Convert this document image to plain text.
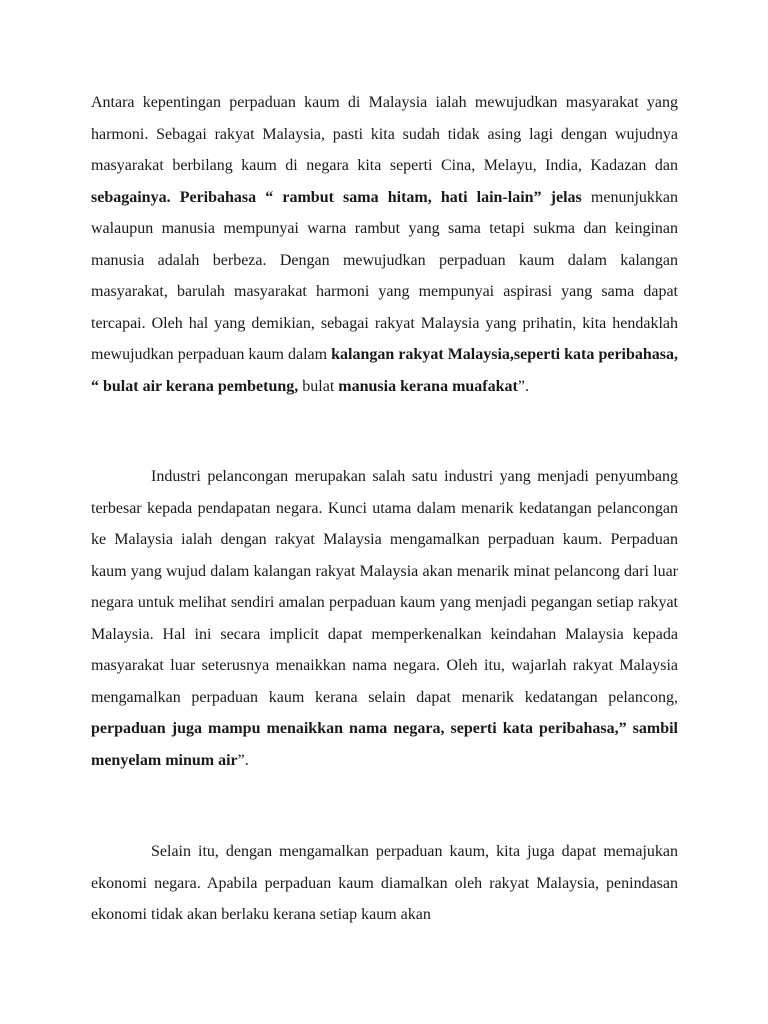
Antara kepentingan perpaduan kaum di Malaysia ialah mewujudkan masyarakat yang harmoni. Sebagai rakyat Malaysia, pasti kita sudah tidak asing lagi dengan wujudnya masyarakat berbilang kaum di negara kita seperti Cina, Melayu, India, Kadazan dan sebagainya. Peribahasa “ rambut sama hitam, hati lain-lain” jelas menunjukkan walaupun manusia mempunyai warna rambut yang sama tetapi sukma dan keinginan manusia adalah berbeza. Dengan mewujudkan perpaduan kaum dalam kalangan masyarakat, barulah masyarakat harmoni yang mempunyai aspirasi yang sama dapat tercapai. Oleh hal yang demikian, sebagai rakyat Malaysia yang prihatin, kita hendaklah mewujudkan perpaduan kaum dalam kalangan rakyat Malaysia,seperti kata peribahasa, “ bulat air kerana pembetung, bulat manusia kerana muafakat”.

Industri pelancongan merupakan salah satu industri yang menjadi penyumbang terbesar kepada pendapatan negara. Kunci utama dalam menarik kedatangan pelancongan ke Malaysia ialah dengan rakyat Malaysia mengamalkan perpaduan kaum. Perpaduan kaum yang wujud dalam kalangan rakyat Malaysia akan menarik minat pelancong dari luar negara untuk melihat sendiri amalan perpaduan kaum yang menjadi pegangan setiap rakyat Malaysia. Hal ini secara implicit dapat memperkenalkan keindahan Malaysia kepada masyarakat luar seterusnya menaikkan nama negara. Oleh itu, wajarlah rakyat Malaysia mengamalkan perpaduan kaum kerana selain dapat menarik kedatangan pelancong, perpaduan juga mampu menaikkan nama negara, seperti kata peribahasa,” sambil menyelam minum air”.

Selain itu, dengan mengamalkan perpaduan kaum, kita juga dapat memajukan ekonomi negara. Apabila perpaduan kaum diamalkan oleh rakyat Malaysia, penindasan ekonomi tidak akan berlaku kerana setiap kaum akan
